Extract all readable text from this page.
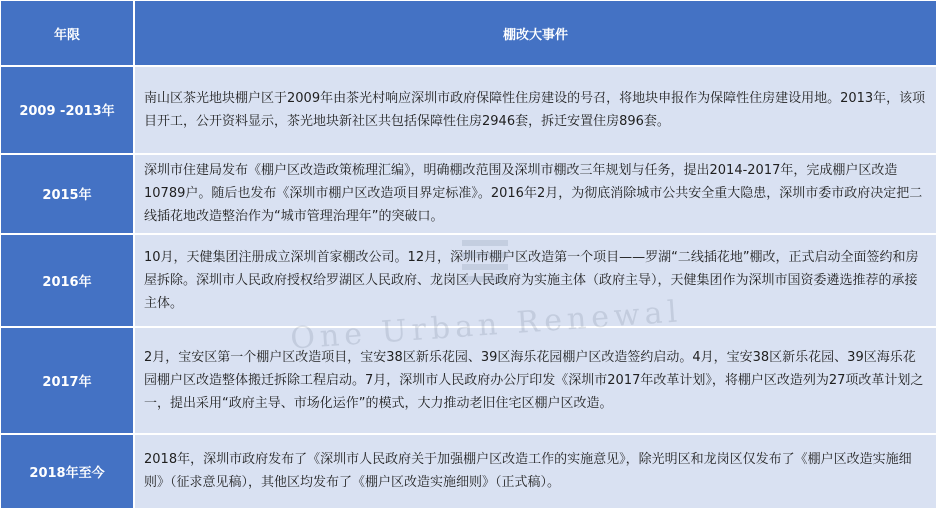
年限	棚改大事件
2009 -2013年	南山区茶光地块棚户区于2009年由茶光村响应深圳市政府保障性住房建设的号召，将地块申报作为保障性住房建设用地。2013年，该项目开工，公开资料显示，茶光地块新社区共包括保障性住房2946套，拆迁安置住房896套。
2015年	深圳市住建局发布《棚户区改造政策梳理汇编》，明确棚改范围及深圳市棚改三年规划与任务，提出2014-2017年，完成棚户区改造10789户。随后也发布《深圳市棚户区改造项目界定标准》。2016年2月，为彻底消除城市公共安全重大隐患，深圳市委市政府决定把二线插花地改造整治作为“城市管理治理年”的突破口。
2016年	10月，天健集团注册成立深圳首家棚改公司。12月，深圳市棚户区改造第一个项目——罗湖“二线插花地”棚改，正式启动全面签约和房屋拆除。深圳市人民政府授权给罗湖区人民政府、龙岗区人民政府为实施主体（政府主导），天健集团作为深圳市国资委遴选推荐的承接主体。
2017年	2月，宝安区第一个棚户区改造项目，宝安38区新乐花园、39区海乐花园棚户区改造签约启动。4月，宝安38区新乐花园、39区海乐花园棚户区改造整体搬迁拆除工程启动。7月，深圳市人民政府办公厅印发《深圳市2017年改革计划》，将棚户区改造列为27项改革计划之一，提出采用“政府主导、市场化运作”的模式，大力推动老旧住宅区棚户区改造。
2018年至今	2018年，深圳市政府发布了《深圳市人民政府关于加强棚户区改造工作的实施意见》，除光明区和龙岗区仅发布了《棚户区改造实施细则》（征求意见稿），其他区均发布了《棚户区改造实施细则》（正式稿）。
One Urban Renewal
